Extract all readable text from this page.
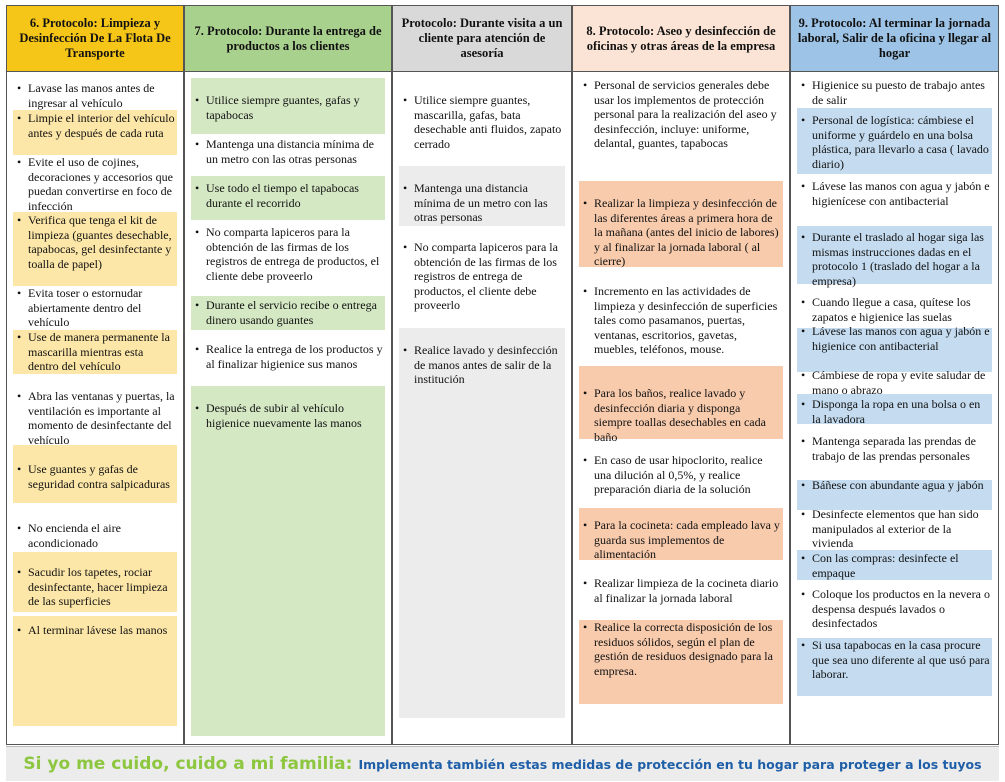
6. Protocolo: Limpieza y Desinfección De La Flota De Transporte
• Lavase las manos antes de ingresar al vehículo
• Limpie el interior del vehículo antes y después de cada ruta
• Evite el uso de cojines, decoraciones y accesorios que puedan convertirse en foco de infección
• Verifica que tenga el kit de limpieza (guantes desechable, tapabocas, gel desinfectante y toalla de papel)
• Evita toser o estornudar abiertamente dentro del vehículo
• Use de manera permanente la mascarilla mientras esta dentro del vehículo
• Abra las ventanas y puertas, la ventilación es importante al momento de desinfectante del vehículo
• Use guantes y gafas de seguridad contra salpicaduras
• No encienda el aire acondicionado
• Sacudir los tapetes, rociar desinfectante, hacer limpieza de las superficies
• Al terminar lávese las manos
7. Protocolo: Durante la entrega de productos a los clientes
• Utilice siempre guantes, gafas y tapabocas
• Mantenga una distancia mínima de un metro con las otras personas
• Use todo el tiempo el tapabocas durante el recorrido
• No comparta lapiceros para la obtención de las firmas de los registros de entrega de productos, el cliente debe proveerlo
• Durante el servicio recibe o entrega dinero usando guantes
• Realice la entrega de los productos y al finalizar higienice sus manos
• Después de subir al vehículo higienice nuevamente las manos
Protocolo: Durante visita a un cliente para atención de asesoría
• Utilice siempre guantes, mascarilla, gafas, bata desechable anti fluidos, zapato cerrado
• Mantenga una distancia mínima de un metro con las otras personas
• No comparta lapiceros para la obtención de las firmas de los registros de entrega de productos, el cliente debe proveerlo
• Realice lavado y desinfección de manos antes de salir de la institución
8. Protocolo: Aseo y desinfección de oficinas y otras áreas de la empresa
• Personal de servicios generales debe usar los implementos de protección personal para la realización del aseo y desinfección, incluye: uniforme, delantal, guantes, tapabocas
• Realizar la limpieza y desinfección de las diferentes áreas a primera hora de la mañana (antes del inicio de labores) y al finalizar la jornada laboral ( al cierre)
• Incremento en las actividades de limpieza y desinfección de superficies tales como pasamanos, puertas, ventanas, escritorios, gavetas, muebles, teléfonos, mouse.
• Para los baños, realice lavado y desinfección diaria y disponga siempre toallas desechables en cada baño
• En caso de usar hipoclorito, realice una dilución al 0,5%, y realice preparación diaria de la solución
• Para la cocineta: cada empleado lava y guarda sus implementos de alimentación
• Realizar limpieza de la cocineta diario al finalizar la jornada laboral
• Realice la correcta disposición de los residuos sólidos, según el plan de gestión de residuos designado para la empresa.
9. Protocolo: Al terminar la jornada laboral, Salir de la oficina y llegar al hogar
• Higienice su puesto de trabajo antes de salir
• Personal de logística: cámbiese el uniforme y guárdelo en una bolsa plástica, para llevarlo a casa ( lavado diario)
• Lávese las manos con agua y jabón e higienícese con antibacterial
• Durante el traslado al hogar siga las mismas instrucciones dadas en el protocolo 1 (traslado del hogar a la empresa)
• Cuando llegue a casa, quítese los zapatos e higienice las suelas
• Lávese las manos con agua y jabón e higienice con antibacterial
• Cámbiese de ropa y evite saludar de mano o abrazo
• Disponga la ropa en una bolsa o en la lavadora
• Mantenga separada las prendas de trabajo de las prendas personales
• Báñese con abundante agua y jabón
• Desinfecte elementos que han sido manipulados al exterior de la vivienda
• Con las compras: desinfecte el empaque
• Coloque los productos en la nevera o despensa después lavados o desinfectados
• Si usa tapabocas en la casa procure que sea uno diferente al que usó para laborar.
Si yo me cuido, cuido a mi familia: Implementa también estas medidas de protección en tu hogar para proteger a los tuyos
